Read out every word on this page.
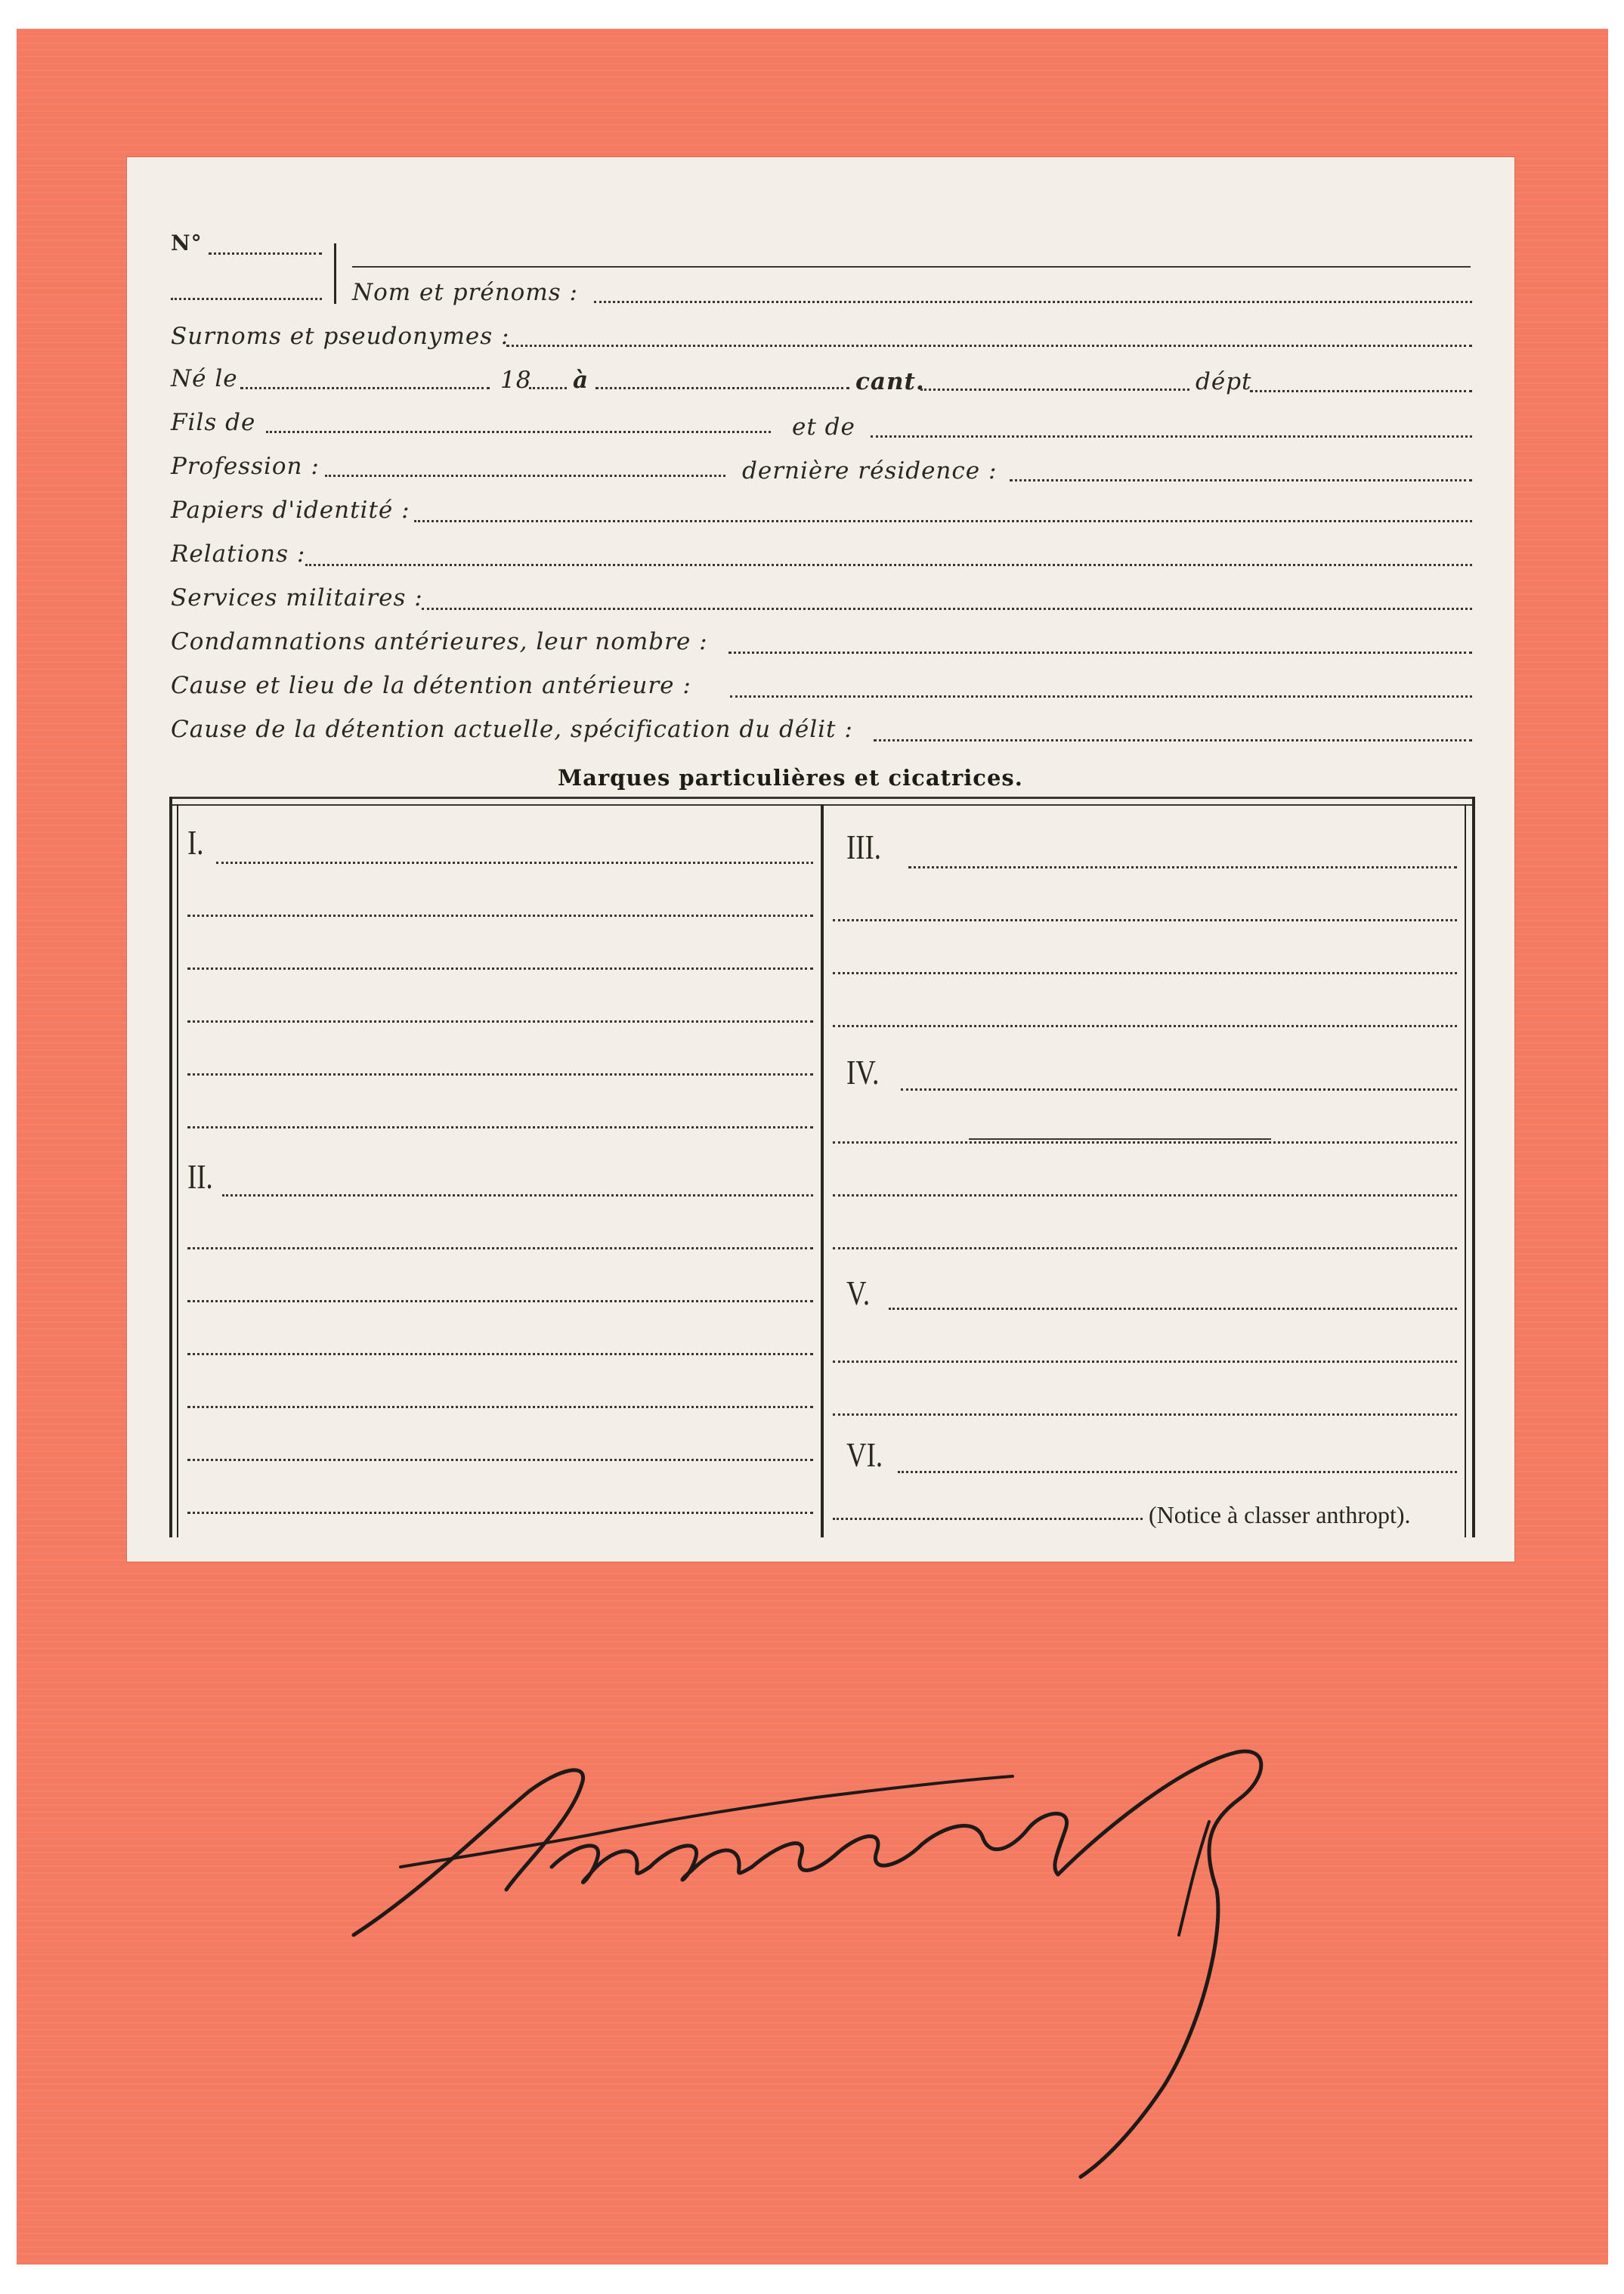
N°
Nom et prénoms :
Surnoms et pseudonymes :
Né le	18 à	cant.	dépt
Fils de	et de
Profession :	dernière résidence :
Papiers d'identité :
Relations :
Services militaires :
Condamnations antérieures, leur nombre :
Cause et lieu de la détention antérieure :
Cause de la détention actuelle, spécification du délit :
Marques particulières et cicatrices.
I.
II.
III.
IV.
V.
VI.
(Notice à classer anthropt).
